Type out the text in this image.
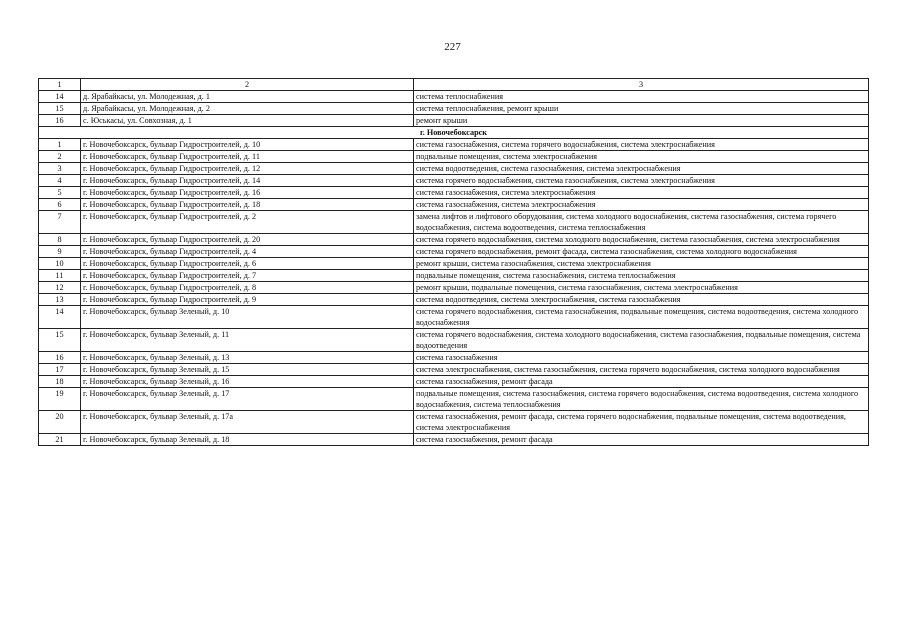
227
1	2	3
14	д. Ярабайкасы, ул. Молодежная, д. 1	система теплоснабжения
15	д. Ярабайкасы, ул. Молодежная, д. 2	система теплоснабжения, ремонт крыши
16	с. Юськасы, ул. Совхозная, д. 1	ремонт крыши
г. Новочебоксарск		
1	г. Новочебоксарск, бульвар Гидростроителей, д. 10	система газоснабжения, система горячего водоснабжения, система электроснабжения
2	г. Новочебоксарск, бульвар Гидростроителей, д. 11	подвальные помещения, система электроснабжения
3	г. Новочебоксарск, бульвар Гидростроителей, д. 12	система водоотведения, система газоснабжения, система электроснабжения
4	г. Новочебоксарск, бульвар Гидростроителей, д. 14	система горячего водоснабжения, система газоснабжения, система электроснабжения
5	г. Новочебоксарск, бульвар Гидростроителей, д. 16	система газоснабжения, система электроснабжения
6	г. Новочебоксарск, бульвар Гидростроителей, д. 18	система газоснабжения, система электроснабжения
7	г. Новочебоксарск, бульвар Гидростроителей, д. 2	замена лифтов и лифтового оборудования, система холодного водоснабжения, система газоснабжения, система горячего водоснабжения, система водоотведения, система теплоснабжения
8	г. Новочебоксарск, бульвар Гидростроителей, д. 20	система горячего водоснабжения, система холодного водоснабжения, система газоснабжения, система электроснабжения
9	г. Новочебоксарск, бульвар Гидростроителей, д. 4	система горячего водоснабжения, ремонт фасада, система газоснабжения, система холодного водоснабжения
10	г. Новочебоксарск, бульвар Гидростроителей, д. 6	ремонт крыши, система газоснабжения, система электроснабжения
11	г. Новочебоксарск, бульвар Гидростроителей, д. 7	подвальные помещения, система газоснабжения, система теплоснабжения
12	г. Новочебоксарск, бульвар Гидростроителей, д. 8	ремонт крыши, подвальные помещения, система газоснабжения, система электроснабжения
13	г. Новочебоксарск, бульвар Гидростроителей, д. 9	система водоотведения, система электроснабжения, система газоснабжения
14	г. Новочебоксарск, бульвар Зеленый, д. 10	система горячего водоснабжения, система газоснабжения, подвальные помещения, система водоотведения, система холодного водоснабжения
15	г. Новочебоксарск, бульвар Зеленый, д. 11	система горячего водоснабжения, система холодного водоснабжения, система газоснабжения, подвальные помещения, система водоотведения
16	г. Новочебоксарск, бульвар Зеленый, д. 13	система газоснабжения
17	г. Новочебоксарск, бульвар Зеленый, д. 15	система электроснабжения, система газоснабжения, система горячего водоснабжения, система холодного водоснабжения
18	г. Новочебоксарск, бульвар Зеленый, д. 16	система газоснабжения, ремонт фасада
19	г. Новочебоксарск, бульвар Зеленый, д. 17	подвальные помещения, система газоснабжения, система горячего водоснабжения, система водоотведения, система холодного водоснабжения, система теплоснабжения
20	г. Новочебоксарск, бульвар Зеленый, д. 17а	система газоснабжения, ремонт фасада, система горячего водоснабжения, подвальные помещения, система водоотведения, система электроснабжения
21	г. Новочебоксарск, бульвар Зеленый, д. 18	система газоснабжения, ремонт фасада
